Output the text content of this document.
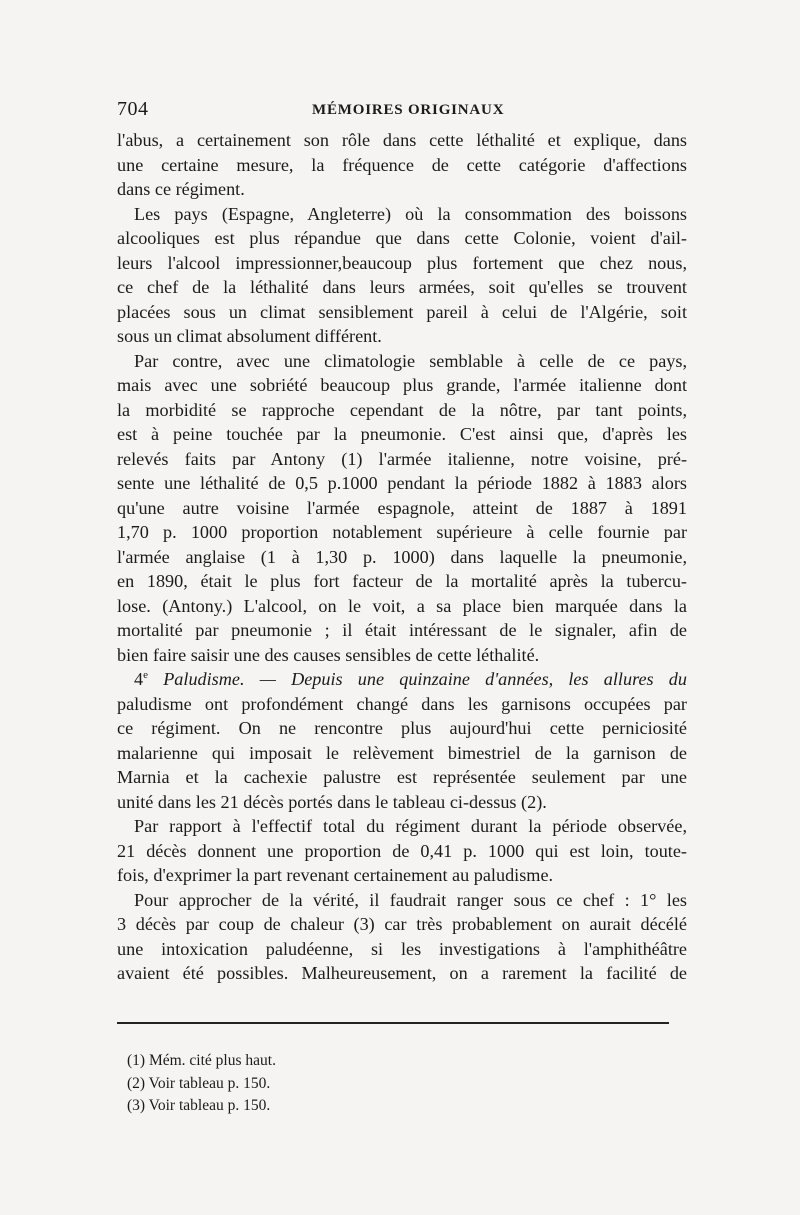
704	MÉMOIRES ORIGINAUX
l'abus, a certainement son rôle dans cette léthalité et explique, dans
une certaine mesure, la fréquence de cette catégorie d'affections
dans ce régiment.
Les pays (Espagne, Angleterre) où la consommation des boissons
alcooliques est plus répandue que dans cette Colonie, voient d'ail-
leurs l'alcool impressionner,beaucoup plus fortement que chez nous,
ce chef de la léthalité dans leurs armées, soit qu'elles se trouvent
placées sous un climat sensiblement pareil à celui de l'Algérie, soit
sous un climat absolument différent.
Par contre, avec une climatologie semblable à celle de ce pays,
mais avec une sobriété beaucoup plus grande, l'armée italienne dont
la morbidité se rapproche cependant de la nôtre, par tant points,
est à peine touchée par la pneumonie. C'est ainsi que, d'après les
relevés faits par Antony (1) l'armée italienne, notre voisine, pré-
sente une léthalité de 0,5 p.1000 pendant la période 1882 à 1883 alors
qu'une autre voisine l'armée espagnole, atteint de 1887 à 1891
1,70 p. 1000 proportion notablement supérieure à celle fournie par
l'armée anglaise (1 à 1,30 p. 1000) dans laquelle la pneumonie,
en 1890, était le plus fort facteur de la mortalité après la tubercu-
lose. (Antony.) L'alcool, on le voit, a sa place bien marquée dans la
mortalité par pneumonie ; il était intéressant de le signaler, afin de
bien faire saisir une des causes sensibles de cette léthalité.
4e Paludisme. — Depuis une quinzaine d'années, les allures du
paludisme ont profondément changé dans les garnisons occupées par
ce régiment. On ne rencontre plus aujourd'hui cette perniciosité
malarienne qui imposait le relèvement bimestriel de la garnison de
Marnia et la cachexie palustre est représentée seulement par une
unité dans les 21 décès portés dans le tableau ci-dessus (2).
Par rapport à l'effectif total du régiment durant la période observée,
21 décès donnent une proportion de 0,41 p. 1000 qui est loin, toute-
fois, d'exprimer la part revenant certainement au paludisme.
Pour approcher de la vérité, il faudrait ranger sous ce chef : 1° les
3 décès par coup de chaleur (3) car très probablement on aurait décélé
une intoxication paludéenne, si les investigations à l'amphithéâtre
avaient été possibles. Malheureusement, on a rarement la facilité de
(1) Mém. cité plus haut.
(2) Voir tableau p. 150.
(3) Voir tableau p. 150.
